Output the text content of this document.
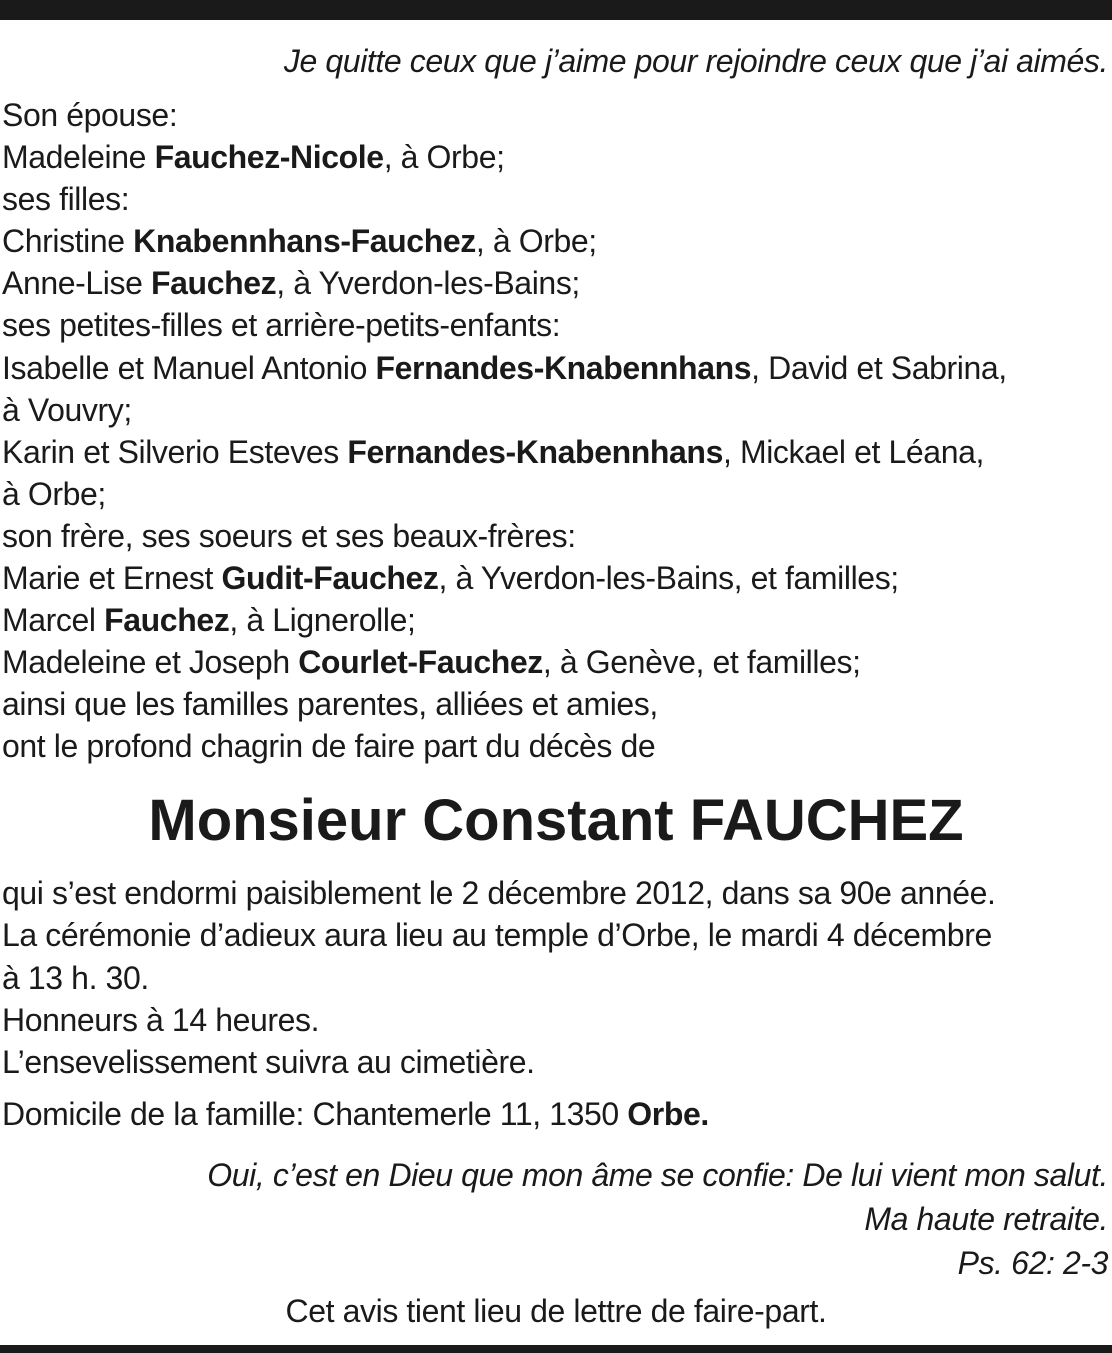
Je quitte ceux que j’aime pour rejoindre ceux que j’ai aimés.
Son épouse:
Madeleine Fauchez-Nicole, à Orbe;
ses filles:
Christine Knabennhans-Fauchez, à Orbe;
Anne-Lise Fauchez, à Yverdon-les-Bains;
ses petites-filles et arrière-petits-enfants:
Isabelle et Manuel Antonio Fernandes-Knabennhans, David et Sabrina,
à Vouvry;
Karin et Silverio Esteves Fernandes-Knabennhans, Mickael et Léana,
à Orbe;
son frère, ses soeurs et ses beaux-frères:
Marie et Ernest Gudit-Fauchez, à Yverdon-les-Bains, et familles;
Marcel Fauchez, à Lignerolle;
Madeleine et Joseph Courlet-Fauchez, à Genève, et familles;
ainsi que les familles parentes, alliées et amies,
ont le profond chagrin de faire part du décès de
Monsieur Constant FAUCHEZ
qui s’est endormi paisiblement le 2 décembre 2012, dans sa 90e année.
La cérémonie d’adieux aura lieu au temple d’Orbe, le mardi 4 décembre
à 13 h. 30.
Honneurs à 14 heures.
L’ensevelissement suivra au cimetière.
Domicile de la famille: Chantemerle 11, 1350 Orbe.
Oui, c’est en Dieu que mon âme se confie: De lui vient mon salut.
Ma haute retraite.
Ps. 62: 2-3
Cet avis tient lieu de lettre de faire-part.
